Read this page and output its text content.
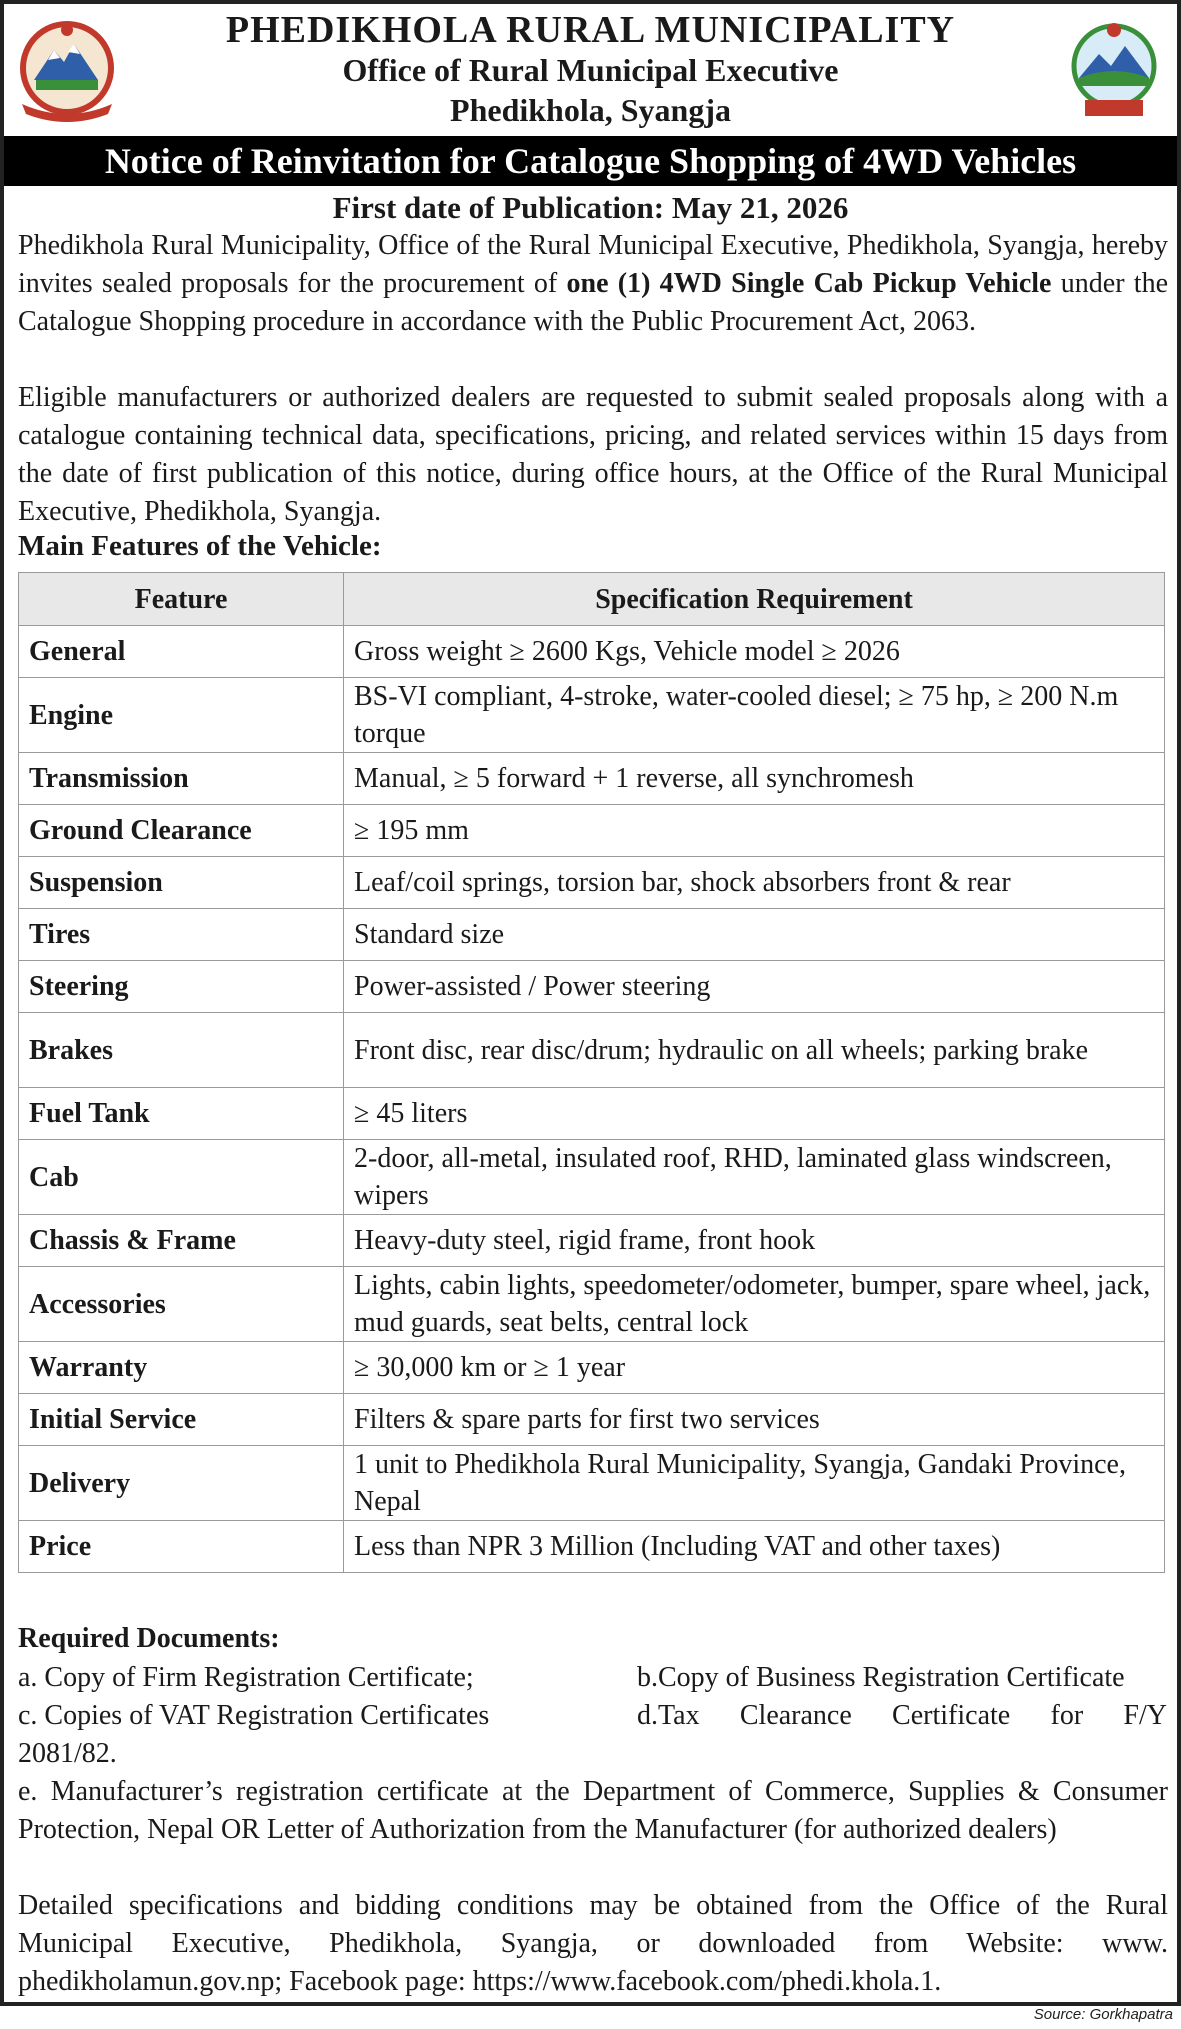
PHEDIKHOLA RURAL MUNICIPALITY
Office of Rural Municipal Executive
Phedikhola, Syangja
Notice of Reinvitation for Catalogue Shopping of 4WD Vehicles
First date of Publication: May 21, 2026
Phedikhola Rural Municipality, Office of the Rural Municipal Executive, Phedikhola, Syangja, hereby invites sealed proposals for the procurement of one (1) 4WD Single Cab Pickup Vehicle under the Catalogue Shopping procedure in accordance with the Public Procurement Act, 2063.
Eligible manufacturers or authorized dealers are requested to submit sealed proposals along with a catalogue containing technical data, specifications, pricing, and related services within 15 days from the date of first publication of this notice, during office hours, at the Office of the Rural Municipal Executive, Phedikhola, Syangja.
Main Features of the Vehicle:
Feature	Specification Requirement
General	Gross weight ≥ 2600 Kgs, Vehicle model ≥ 2026
Engine	BS-VI compliant, 4-stroke, water-cooled diesel; ≥ 75 hp, ≥ 200 N.m torque
Transmission	Manual, ≥ 5 forward + 1 reverse, all synchromesh
Ground Clearance	≥ 195 mm
Suspension	Leaf/coil springs, torsion bar, shock absorbers front & rear
Tires	Standard size
Steering	Power-assisted / Power steering
Brakes	Front disc, rear disc/drum; hydraulic on all wheels; parking brake
Fuel Tank	≥ 45 liters
Cab	2-door, all-metal, insulated roof, RHD, laminated glass windscreen, wipers
Chassis & Frame	Heavy-duty steel, rigid frame, front hook
Accessories	Lights, cabin lights, speedometer/odometer, bumper, spare wheel, jack, mud guards, seat belts, central lock
Warranty	≥ 30,000 km or ≥ 1 year
Initial Service	Filters & spare parts for first two services
Delivery	1 unit to Phedikhola Rural Municipality, Syangja, Gandaki Province, Nepal
Price	Less than NPR 3 Million (Including VAT and other taxes)
Required Documents:
a. Copy of Firm Registration Certificate;	b.Copy of Business Registration Certificate
c. Copies of VAT Registration Certificates	d.Tax Clearance Certificate for F/Y
2081/82.
e. Manufacturer’s registration certificate at the Department of Commerce, Supplies & Consumer Protection, Nepal OR Letter of Authorization from the Manufacturer (for authorized dealers)
Detailed specifications and bidding conditions may be obtained from the Office of the Rural Municipal Executive, Phedikhola, Syangja, or downloaded from Website: www. phedikholamun.gov.np; Facebook page: https://www.facebook.com/phedi.khola.1.
Source: Gorkhapatra
